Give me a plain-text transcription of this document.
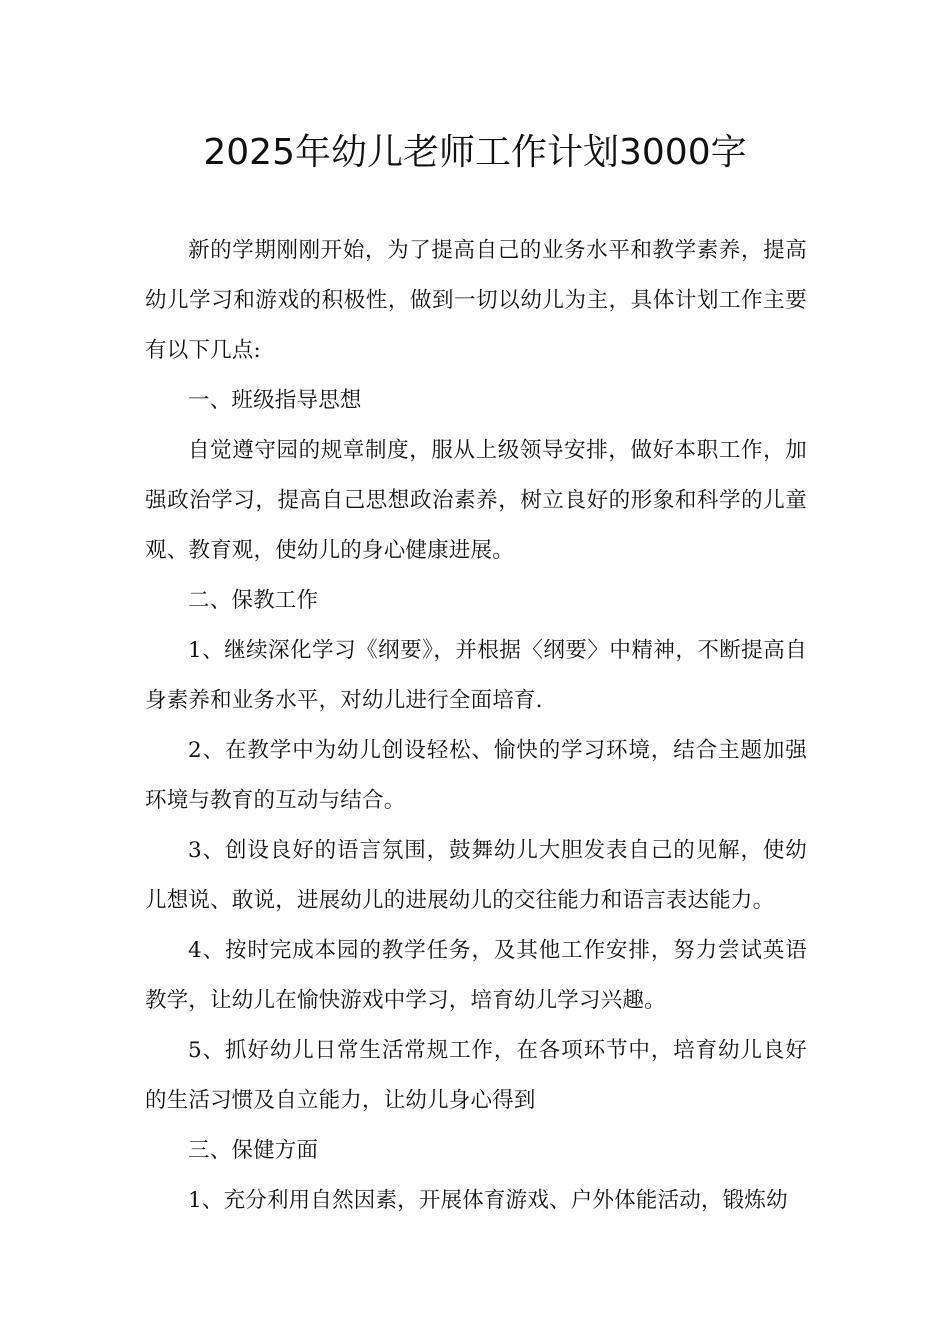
2025年幼儿老师工作计划3000字

新的学期刚刚开始，为了提高自己的业务水平和教学素养，提高幼儿学习和游戏的积极性，做到一切以幼儿为主，具体计划工作主要有以下几点:

一、班级指导思想

自觉遵守园的规章制度，服从上级领导安排，做好本职工作，加强政治学习，提高自己思想政治素养，树立良好的形象和科学的儿童观、教育观，使幼儿的身心健康进展。

二、保教工作

1、继续深化学习《纲要》，并根据〈纲要〉中精神，不断提高自身素养和业务水平，对幼儿进行全面培育.

2、在教学中为幼儿创设轻松、愉快的学习环境，结合主题加强环境与教育的互动与结合。

3、创设良好的语言氛围，鼓舞幼儿大胆发表自己的见解，使幼儿想说、敢说，进展幼儿的进展幼儿的交往能力和语言表达能力。

4、按时完成本园的教学任务，及其他工作安排，努力尝试英语教学，让幼儿在愉快游戏中学习，培育幼儿学习兴趣。

5、抓好幼儿日常生活常规工作，在各项环节中，培育幼儿良好的生活习惯及自立能力，让幼儿身心得到

三、保健方面

1、充分利用自然因素，开展体育游戏、户外体能活动，锻炼幼
